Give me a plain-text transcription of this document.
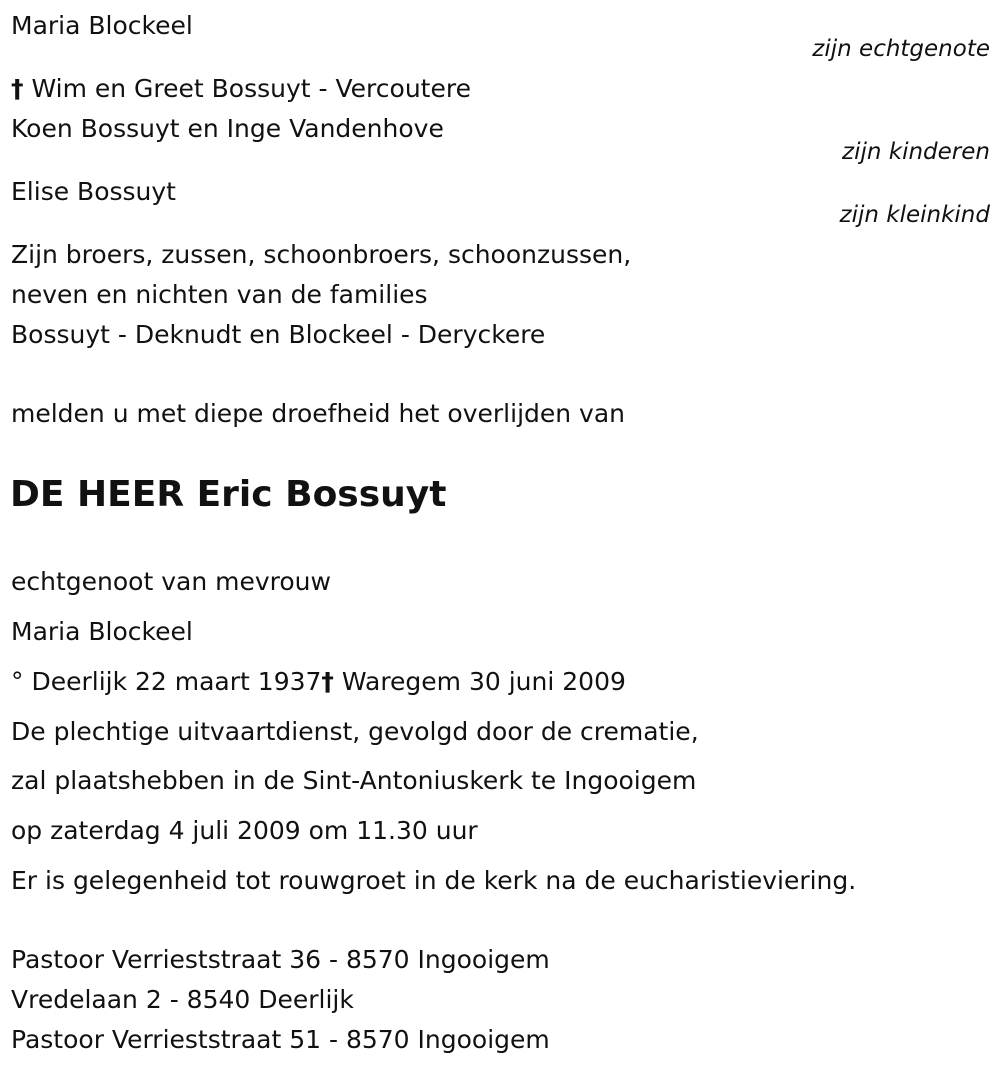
Maria Blockeel
zijn echtgenote
† Wim en Greet Bossuyt - Vercoutere
Koen Bossuyt en Inge Vandenhove
zijn kinderen
Elise Bossuyt
zijn kleinkind
Zijn broers, zussen, schoonbroers, schoonzussen,
neven en nichten van de families
Bossuyt - Deknudt en Blockeel - Deryckere
melden u met diepe droefheid het overlijden van
DE HEER Eric Bossuyt
echtgenoot van mevrouw
Maria Blockeel
° Deerlijk 22 maart 1937† Waregem 30 juni 2009
De plechtige uitvaartdienst, gevolgd door de crematie,
zal plaatshebben in de Sint-Antoniuskerk te Ingooigem
op zaterdag 4 juli 2009 om 11.30 uur
Er is gelegenheid tot rouwgroet in de kerk na de eucharistieviering.
Pastoor Verrieststraat 36 - 8570 Ingooigem
Vredelaan 2 - 8540 Deerlijk
Pastoor Verrieststraat 51 - 8570 Ingooigem
